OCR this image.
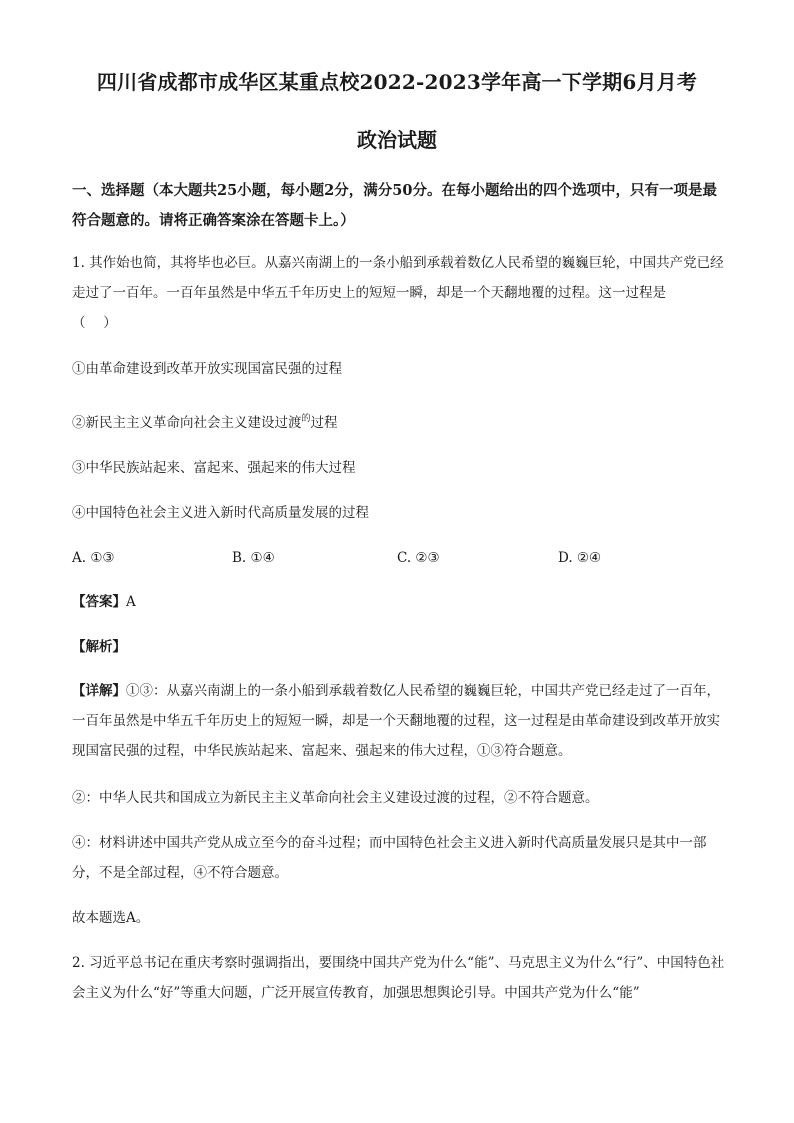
四川省成都市成华区某重点校2022-2023学年高一下学期6月月考
政治试题
一、选择题（本大题共25小题，每小题2分，满分50分。在每小题给出的四个选项中，只有一项是最符合题意的。请将正确答案涂在答题卡上。）
1. 其作始也简，其将毕也必巨。从嘉兴南湖上的一条小船到承载着数亿人民希望的巍巍巨轮，中国共产党已经走过了一百年。一百年虽然是中华五千年历史上的短短一瞬，却是一个天翻地覆的过程。这一过程是
（　 ）
①由革命建设到改革开放实现国富民强的过程
②新民主主义革命向社会主义建设过渡$^的$过程
③中华民族站起来、富起来、强起来的伟大过程
④中国特色社会主义进入新时代高质量发展的过程
A. ①③	B. ①④	C. ②③	D. ②④
【答案】A
【解析】
【详解】①③：从嘉兴南湖上的一条小船到承载着数亿人民希望的巍巍巨轮，中国共产党已经走过了一百年，一百年虽然是中华五千年历史上的短短一瞬，却是一个天翻地覆的过程，这一过程是由革命建设到改革开放实现国富民强的过程，中华民族站起来、富起来、强起来的伟大过程，①③符合题意。
②：中华人民共和国成立为新民主主义革命向社会主义建设过渡的过程，②不符合题意。
④：材料讲述中国共产党从成立至今的奋斗过程；而中国特色社会主义进入新时代高质量发展只是其中一部分，不是全部过程，④不符合题意。
故本题选A。
2. 习近平总书记在重庆考察时强调指出，要围绕中国共产党为什么“能”、马克思主义为什么“行”、中国特色社会主义为什么“好”等重大问题，广泛开展宣传教育，加强思想舆论引导。中国共产党为什么“能”
